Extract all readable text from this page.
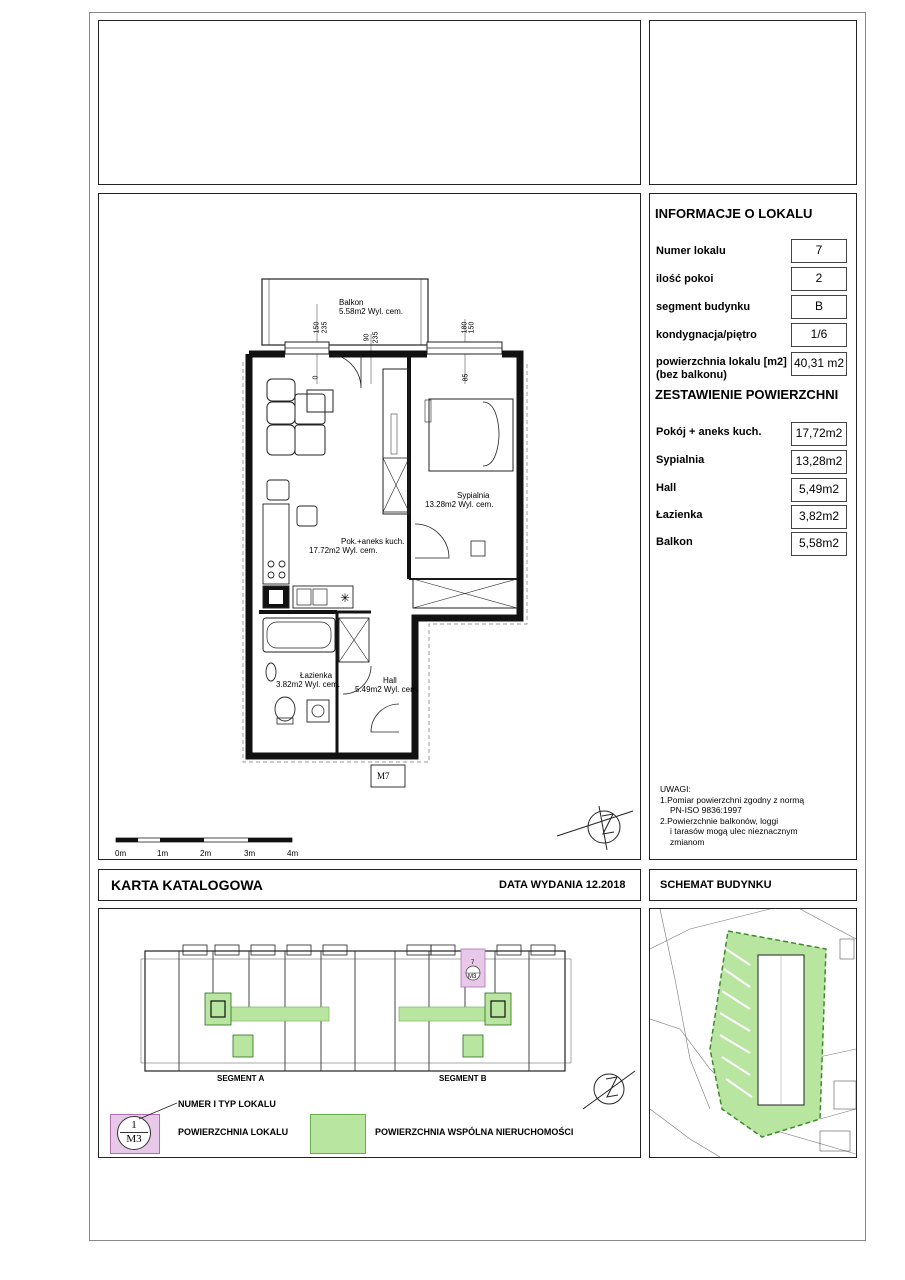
✳
Balkon
5.58m2 Wyl. cem.
Sypialnia
13.28m2 Wyl. cem.
Pok.+aneks kuch.
17.72m2 Wyl. cem.
Łazienka
3.82m2 Wyl. cem.	Hall
5.49m2 Wyl. cem.
150 235
90 235
180 150
0	85
M7
0m	1m	2m	3m	4m
INFORMACJE O LOKALU
Numer lokalu	7
ilość pokoi	2
segment budynku	B
kondygnacja/piętro	1/6
powierzchnia lokalu [m2]
(bez balkonu)
40,31 m2
ZESTAWIENIE POWIERZCHNI
Pokój + aneks kuch.	17,72m2
Sypialnia	13,28m2
Hall	5,49m2
Łazienka	3,82m2
Balkon	5,58m2
UWAGI:
1.Pomiar powierzchni zgodny z normą
PN-ISO 9836:1997
2.Powierzchnie balkonów, loggi
i tarasów mogą ulec nieznacznym
zmianom
KARTA KATALOGOWA	DATA WYDANIA 12.2018	SCHEMAT BUDYNKU
SEGMENT A	SEGMENT B
7
M3
1
M3
NUMER I TYP LOKALU
POWIERZCHNIA LOKALU	POWIERZCHNIA WSPÓLNA NIERUCHOMOŚCI
